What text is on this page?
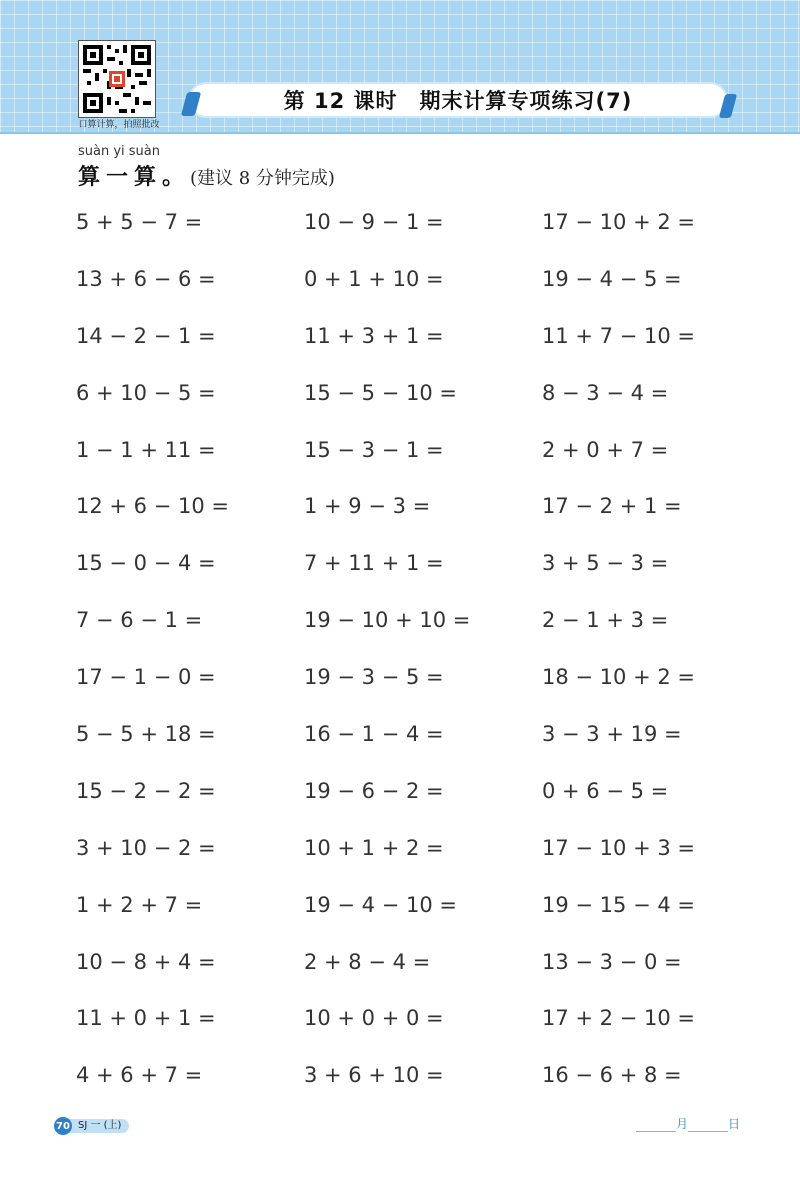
口算计算，拍照批改
第 12 课时　期末计算专项练习(7)
suàn yi suàn
算一算。(建议 8 分钟完成)
5 + 5 − 7 =	10 − 9 − 1 =	17 − 10 + 2 =
13 + 6 − 6 =	0 + 1 + 10 =	19 − 4 − 5 =
14 − 2 − 1 =	11 + 3 + 1 =	11 + 7 − 10 =
6 + 10 − 5 =	15 − 5 − 10 =	8 − 3 − 4 =
1 − 1 + 11 =	15 − 3 − 1 =	2 + 0 + 7 =
12 + 6 − 10 =	1 + 9 − 3 =	17 − 2 + 1 =
15 − 0 − 4 =	7 + 11 + 1 =	3 + 5 − 3 =
7 − 6 − 1 =	19 − 10 + 10 =	2 − 1 + 3 =
17 − 1 − 0 =	19 − 3 − 5 =	18 − 10 + 2 =
5 − 5 + 18 =	16 − 1 − 4 =	3 − 3 + 19 =
15 − 2 − 2 =	19 − 6 − 2 =	0 + 6 − 5 =
3 + 10 − 2 =	10 + 1 + 2 =	17 − 10 + 3 =
1 + 2 + 7 =	19 − 4 − 10 =	19 − 15 − 4 =
10 − 8 + 4 =	2 + 8 − 4 =	13 − 3 − 0 =
11 + 0 + 1 =	10 + 0 + 0 =	17 + 2 − 10 =
4 + 6 + 7 =	3 + 6 + 10 =	16 − 6 + 8 =
70 SJ 一 (上)	月	日
